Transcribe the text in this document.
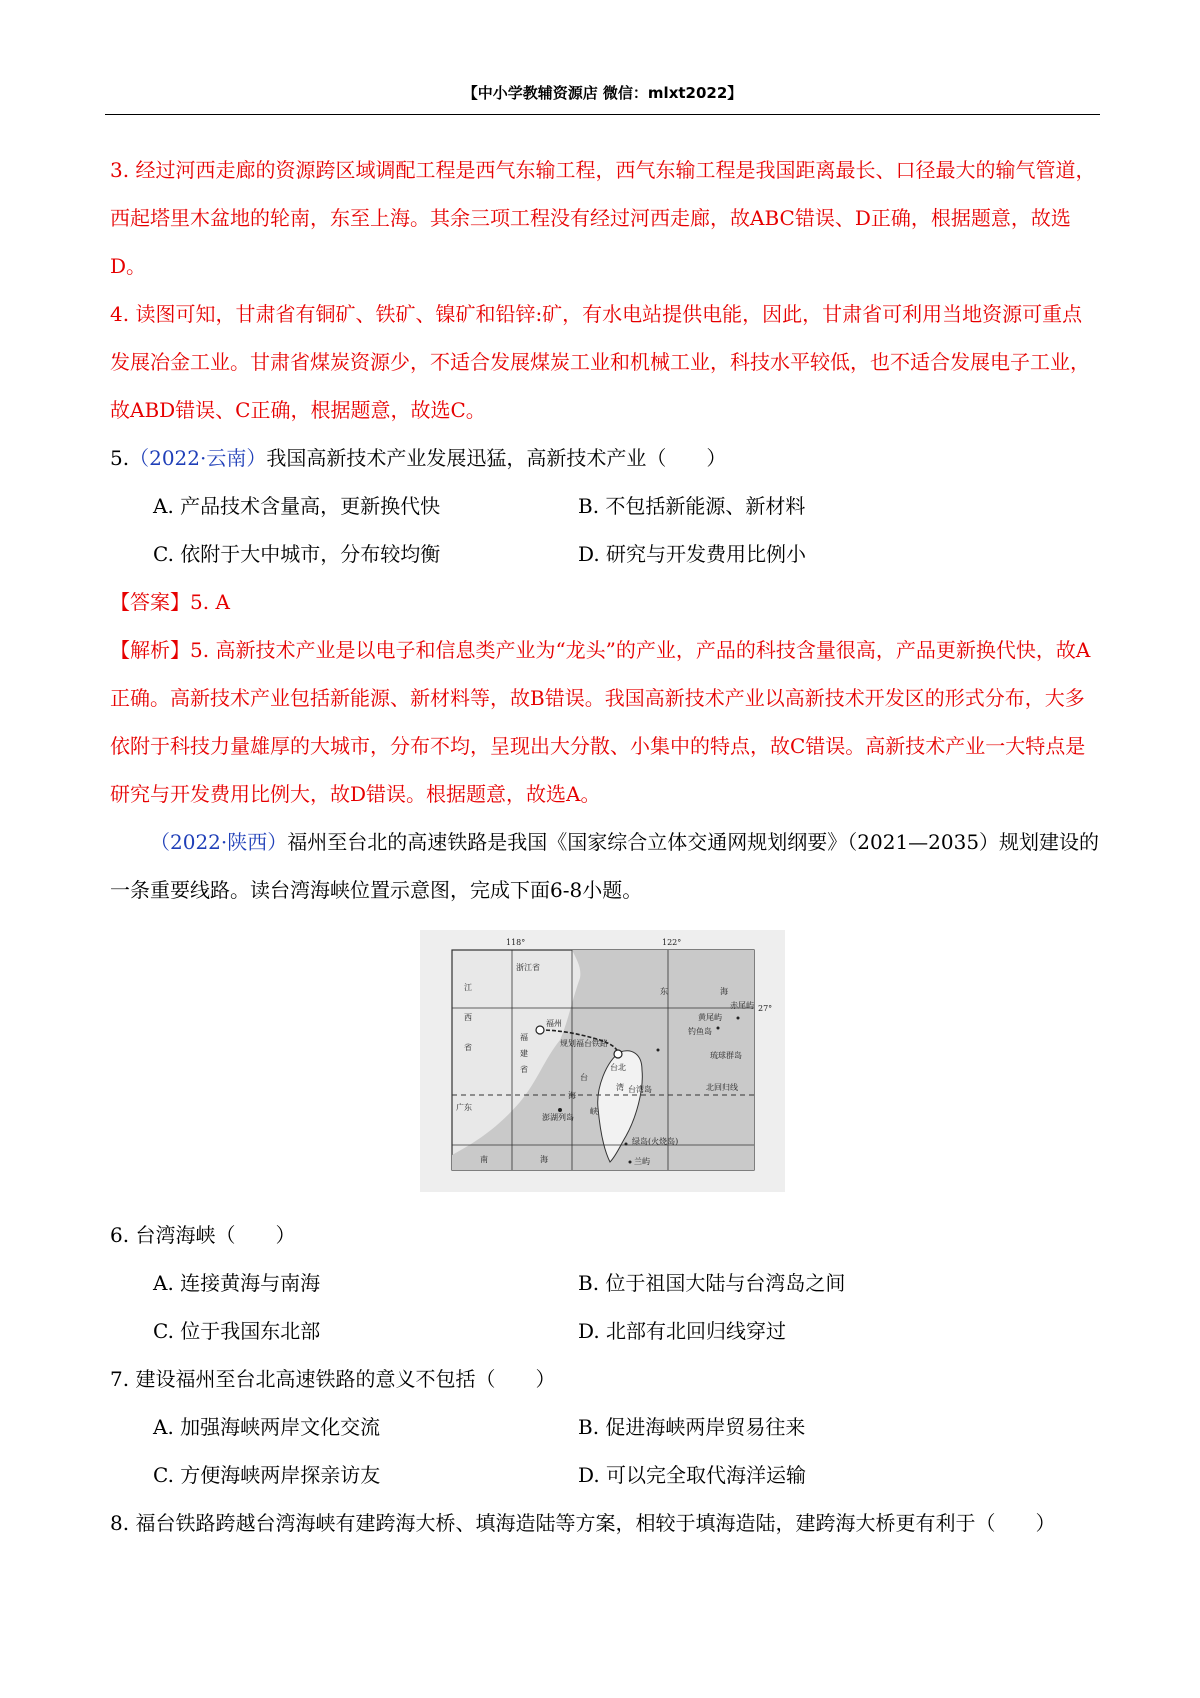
【中小学教辅资源店 微信：mlxt2022】
3. 经过河西走廊的资源跨区域调配工程是西气东输工程，西气东输工程是我国距离最长、口径最大的输气管道，西起塔里木盆地的轮南，东至上海。其余三项工程没有经过河西走廊，故ABC错误、D正确，根据题意，故选D。
4. 读图可知，甘肃省有铜矿、铁矿、镍矿和铅锌:矿，有水电站提供电能，因此，甘肃省可利用当地资源可重点发展冶金工业。甘肃省煤炭资源少，不适合发展煤炭工业和机械工业，科技水平较低，也不适合发展电子工业，故ABD错误、C正确，根据题意，故选C。
5.（2022·云南）我国高新技术产业发展迅猛，高新技术产业（　　）
A. 产品技术含量高，更新换代快	B. 不包括新能源、新材料
C. 依附于大中城市，分布较均衡	D. 研究与开发费用比例小
【答案】5. A
【解析】5. 高新技术产业是以电子和信息类产业为“龙头”的产业，产品的科技含量很高，产品更新换代快，故A正确。高新技术产业包括新能源、新材料等，故B错误。我国高新技术产业以高新技术开发区的形式分布，大多依附于科技力量雄厚的大城市，分布不均，呈现出大分散、小集中的特点，故C错误。高新技术产业一大特点是研究与开发费用比例大，故D错误。根据题意，故选A。
（2022·陕西）福州至台北的高速铁路是我国《国家综合立体交通网规划纲要》（2021—2035）规划建设的一条重要线路。读台湾海峡位置示意图，完成下面6-8小题。
118°	122°
27°
浙江省
福
建
省
江
西
省
广东
福州
规划福台铁路
台北
钓鱼岛
赤尾屿
黄尾屿
东	海
海
峡
台
湾
澎湖列岛
台湾岛	北回归线
琉球群岛
绿岛(火烧岛)
兰屿
南	海
6. 台湾海峡（　　）
A. 连接黄海与南海	B. 位于祖国大陆与台湾岛之间
C. 位于我国东北部	D. 北部有北回归线穿过
7. 建设福州至台北高速铁路的意义不包括（　　）
A. 加强海峡两岸文化交流	B. 促进海峡两岸贸易往来
C. 方便海峡两岸探亲访友	D. 可以完全取代海洋运输
8. 福台铁路跨越台湾海峡有建跨海大桥、填海造陆等方案，相较于填海造陆，建跨海大桥更有利于（　　）
